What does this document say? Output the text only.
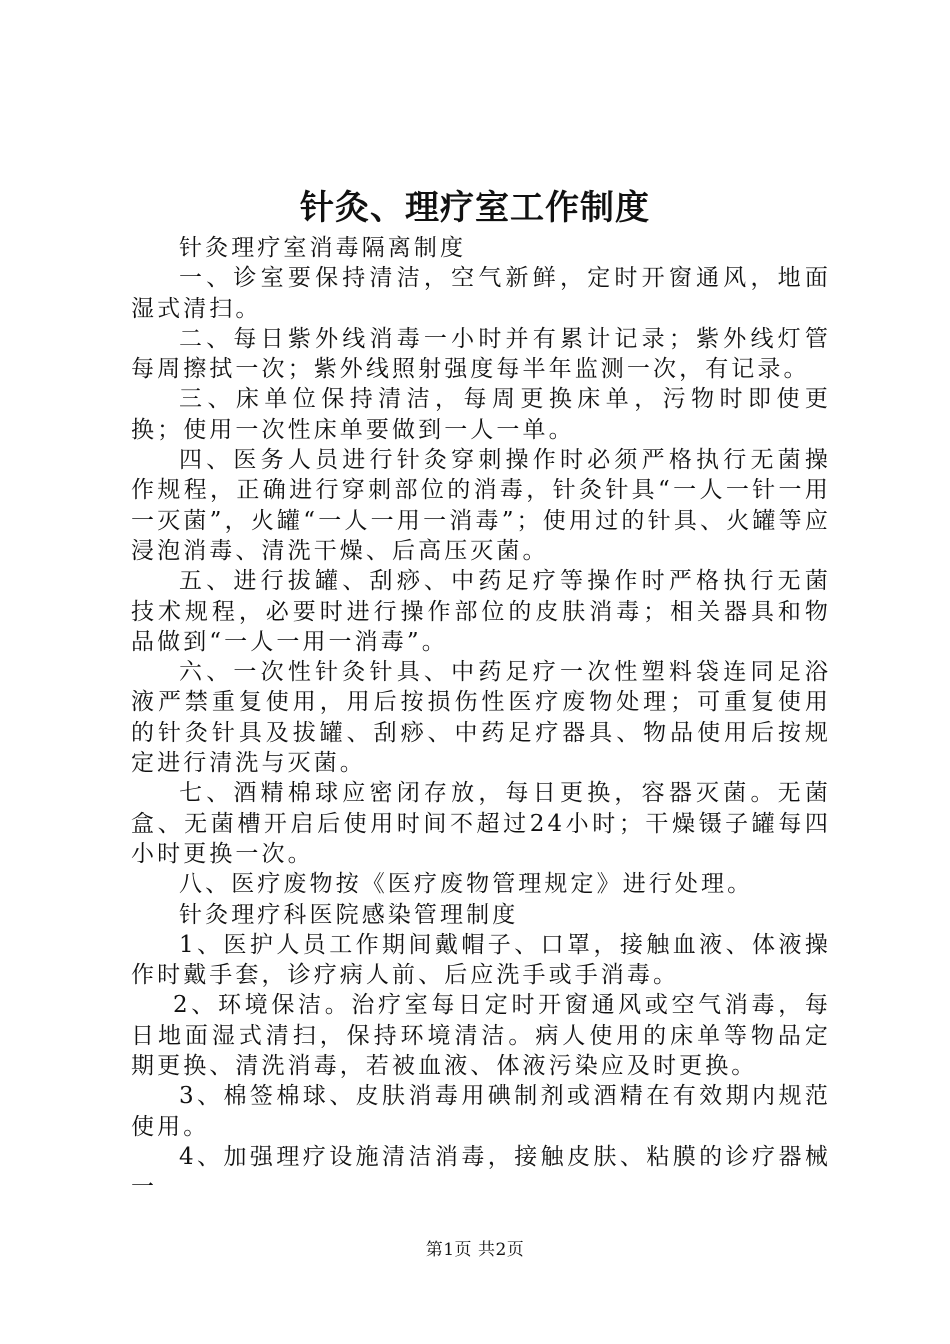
针灸、理疗室工作制度

针灸理疗室消毒隔离制度

一、诊室要保持清洁，空气新鲜，定时开窗通风，地面湿式清扫。

二、每日紫外线消毒一小时并有累计记录；紫外线灯管每周擦拭一次；紫外线照射强度每半年监测一次，有记录。

三、床单位保持清洁，每周更换床单，污物时即使更换；使用一次性床单要做到一人一单。

四、医务人员进行针灸穿刺操作时必须严格执行无菌操作规程，正确进行穿刺部位的消毒，针灸针具“一人一针一用一灭菌”，火罐“一人一用一消毒”；使用过的针具、火罐等应浸泡消毒、清洗干燥、后高压灭菌。

五、进行拔罐、刮痧、中药足疗等操作时严格执行无菌技术规程，必要时进行操作部位的皮肤消毒；相关器具和物品做到“一人一用一消毒”。

六、一次性针灸针具、中药足疗一次性塑料袋连同足浴液严禁重复使用，用后按损伤性医疗废物处理；可重复使用的针灸针具及拔罐、刮痧、中药足疗器具、物品使用后按规定进行清洗与灭菌。

七、酒精棉球应密闭存放，每日更换，容器灭菌。无菌盒、无菌槽开启后使用时间不超过24小时；干燥镊子罐每四小时更换一次。

八、医疗废物按《医疗废物管理规定》进行处理。

针灸理疗科医院感染管理制度

1、医护人员工作期间戴帽子、口罩，接触血液、体液操作时戴手套，诊疗病人前、后应洗手或手消毒。

2、环境保洁。治疗室每日定时开窗通风或空气消毒，每日地面湿式清扫，保持环境清洁。病人使用的床单等物品定期更换、清洗消毒，若被血液、体液污染应及时更换。

3、棉签棉球、皮肤消毒用碘制剂或酒精在有效期内规范使用。

4、加强理疗设施清洁消毒，接触皮肤、粘膜的诊疗器械一

第1页 共2页
